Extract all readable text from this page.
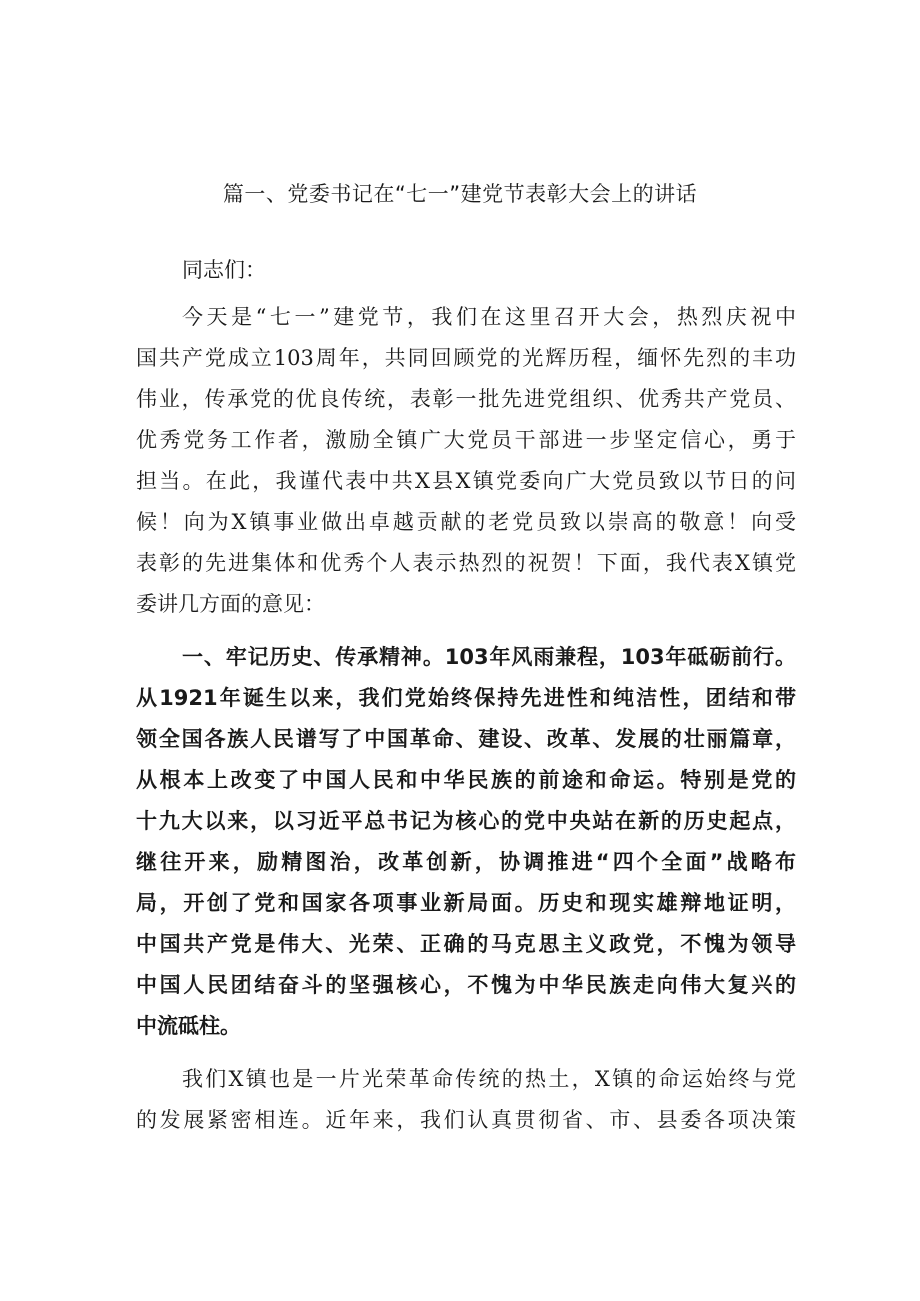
篇一、党委书记在“七一”建党节表彰大会上的讲话
同志们：
今天是“七一”建党节，我们在这里召开大会，热烈庆祝中
国共产党成立103周年，共同回顾党的光辉历程，缅怀先烈的丰功
伟业，传承党的优良传统，表彰一批先进党组织、优秀共产党员、
优秀党务工作者，激励全镇广大党员干部进一步坚定信心，勇于
担当。在此，我谨代表中共X县X镇党委向广大党员致以节日的问
候！向为X镇事业做出卓越贡献的老党员致以崇高的敬意！向受
表彰的先进集体和优秀个人表示热烈的祝贺！下面，我代表X镇党
委讲几方面的意见：
一、牢记历史、传承精神。103年风雨兼程，103年砥砺前行。
从1921年诞生以来，我们党始终保持先进性和纯洁性，团结和带
领全国各族人民谱写了中国革命、建设、改革、发展的壮丽篇章，
从根本上改变了中国人民和中华民族的前途和命运。特别是党的
十九大以来，以习近平总书记为核心的党中央站在新的历史起点，
继往开来，励精图治，改革创新，协调推进“四个全面”战略布
局，开创了党和国家各项事业新局面。历史和现实雄辩地证明，
中国共产党是伟大、光荣、正确的马克思主义政党，不愧为领导
中国人民团结奋斗的坚强核心，不愧为中华民族走向伟大复兴的
中流砥柱。
我们X镇也是一片光荣革命传统的热土，X镇的命运始终与党
的发展紧密相连。近年来，我们认真贯彻省、市、县委各项决策
